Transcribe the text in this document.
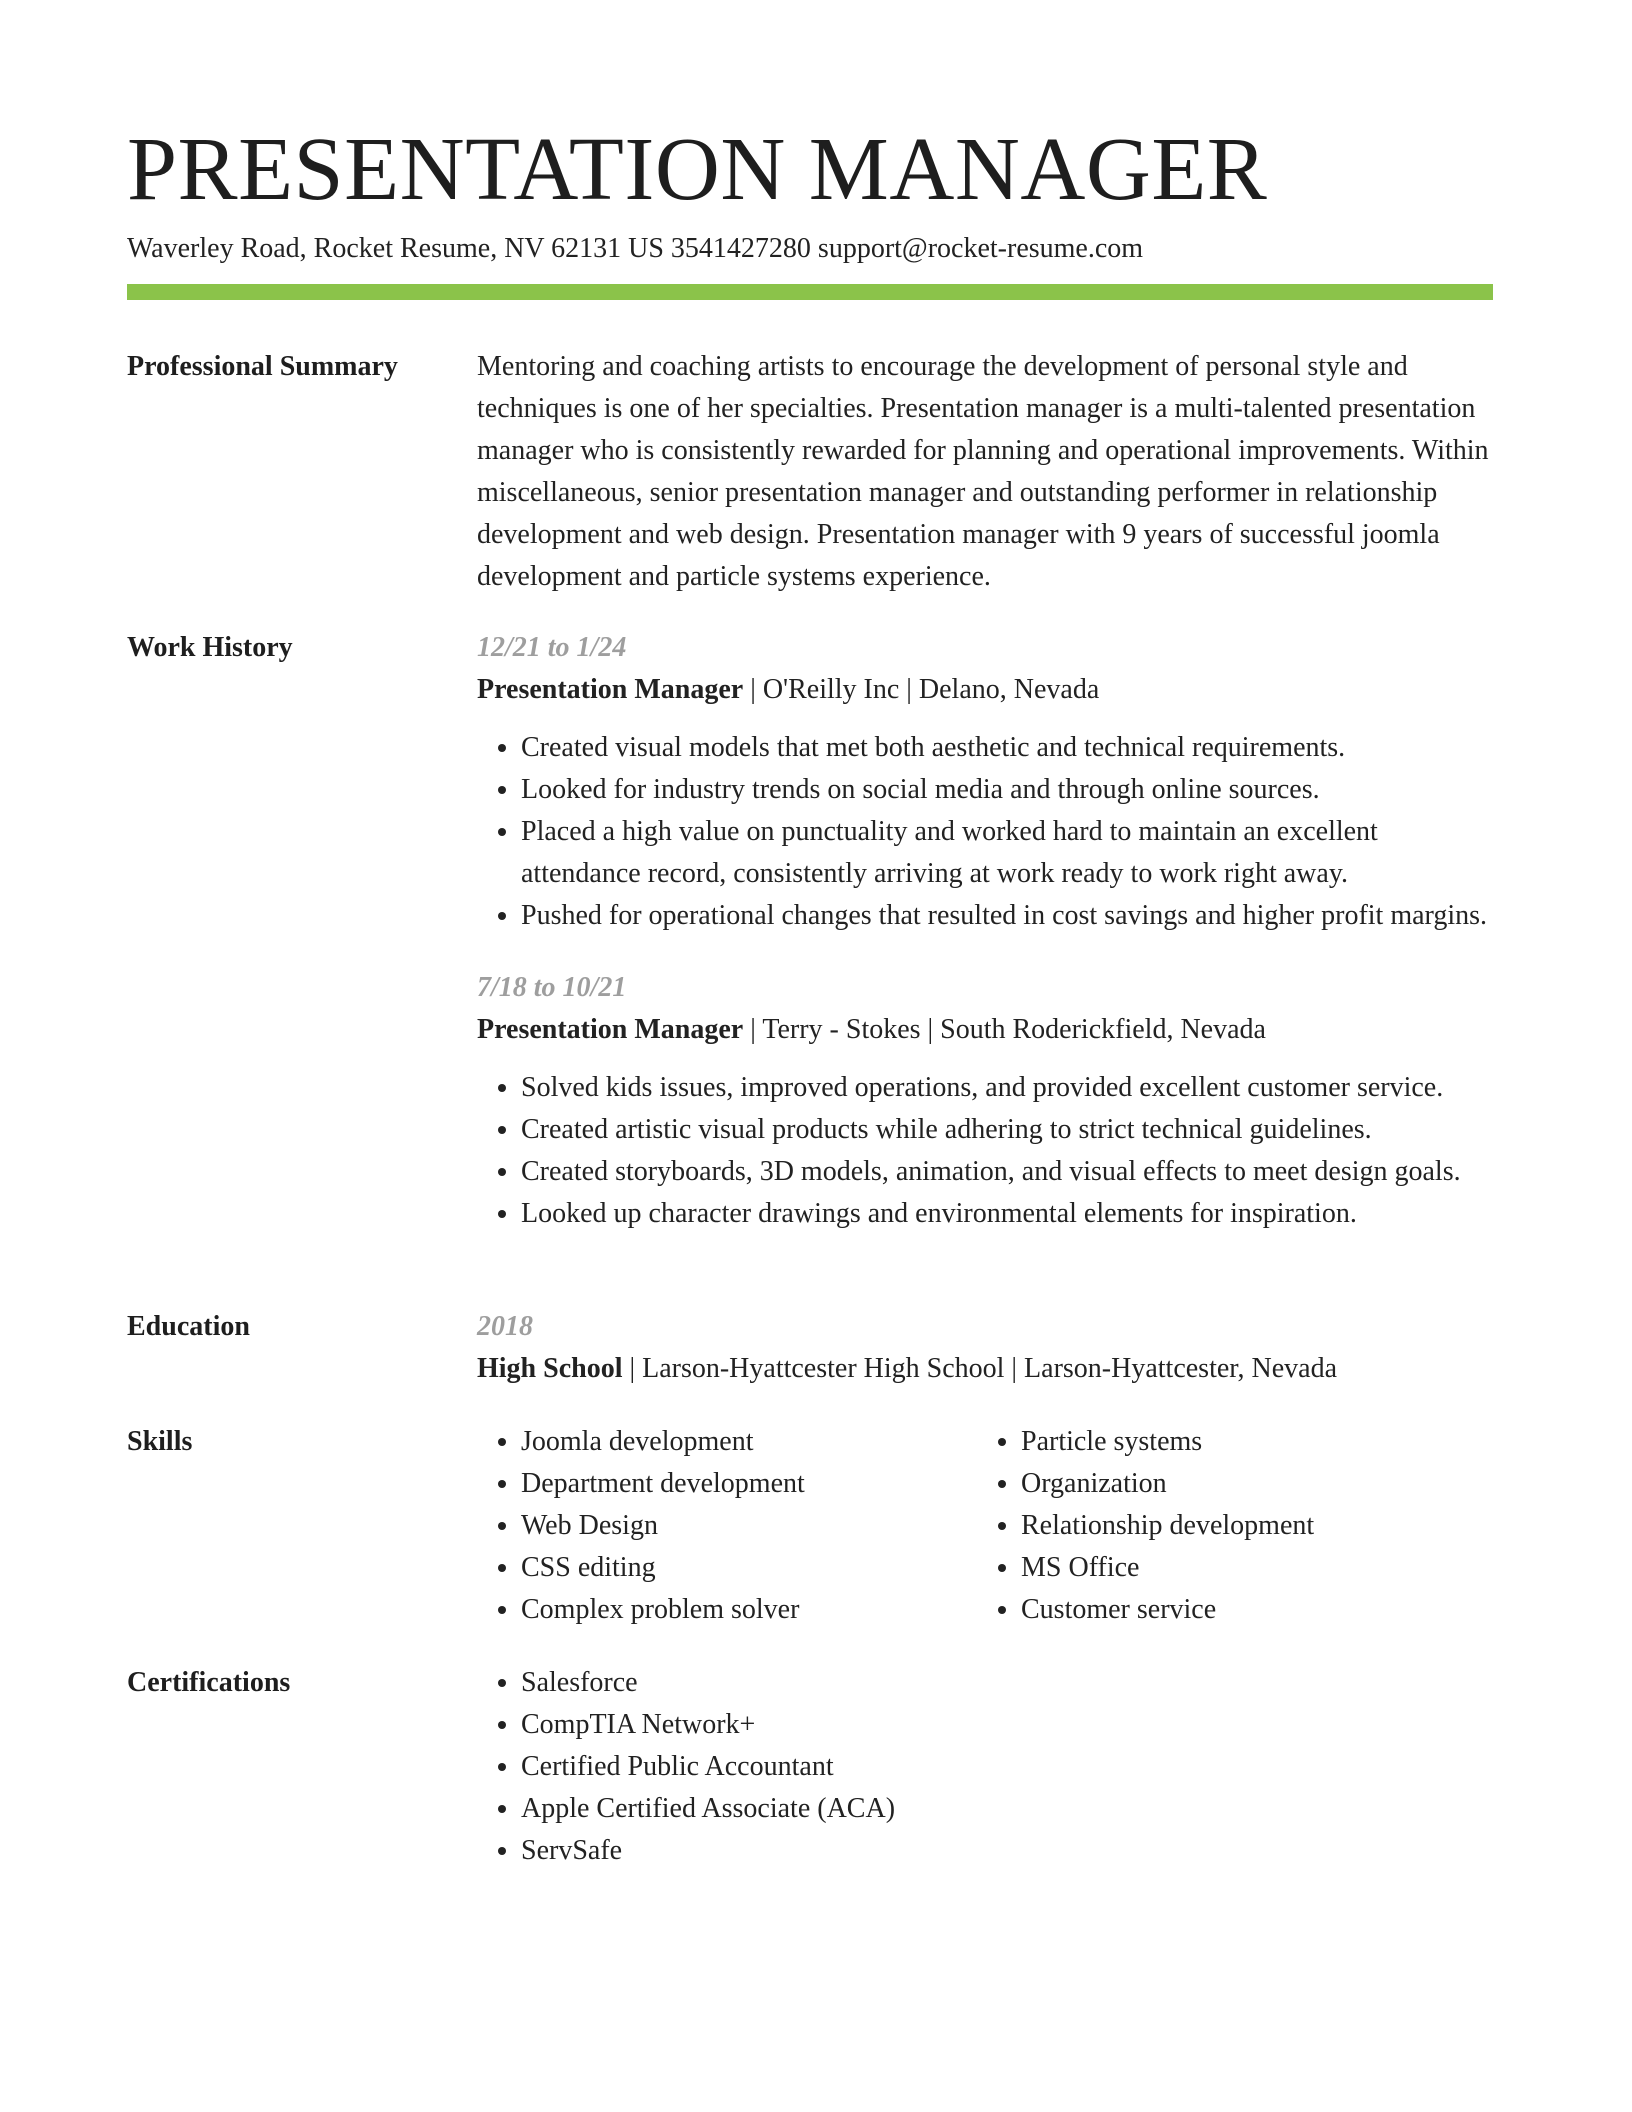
PRESENTATION MANAGER
Waverley Road, Rocket Resume, NV 62131 US 3541427280 support@rocket-resume.com
Professional Summary	Mentoring and coaching artists to encourage the development of personal style and techniques is one of her specialties. Presentation manager is a multi-talented presentation manager who is consistently rewarded for planning and operational improvements. Within miscellaneous, senior presentation manager and outstanding performer in relationship development and web design. Presentation manager with 9 years of successful joomla development and particle systems experience.

Work History	12/21 to 1/24
Presentation Manager | O'Reilly Inc | Delano, Nevada
• Created visual models that met both aesthetic and technical requirements.
• Looked for industry trends on social media and through online sources.
• Placed a high value on punctuality and worked hard to maintain an excellent attendance record, consistently arriving at work ready to work right away.
• Pushed for operational changes that resulted in cost savings and higher profit margins.
7/18 to 10/21
Presentation Manager | Terry - Stokes | South Roderickfield, Nevada
• Solved kids issues, improved operations, and provided excellent customer service.
• Created artistic visual products while adhering to strict technical guidelines.
• Created storyboards, 3D models, animation, and visual effects to meet design goals.
• Looked up character drawings and environmental elements for inspiration.
Education	2018
High School | Larson-Hyattcester High School | Larson-Hyattcester, Nevada
Skills	• Joomla development
• Department development
• Web Design
• CSS editing
• Complex problem solver
• Particle systems
• Organization
• Relationship development
• MS Office
• Customer service
Certifications	• Salesforce
• CompTIA Network+
• Certified Public Accountant
• Apple Certified Associate (ACA)
• ServSafe
